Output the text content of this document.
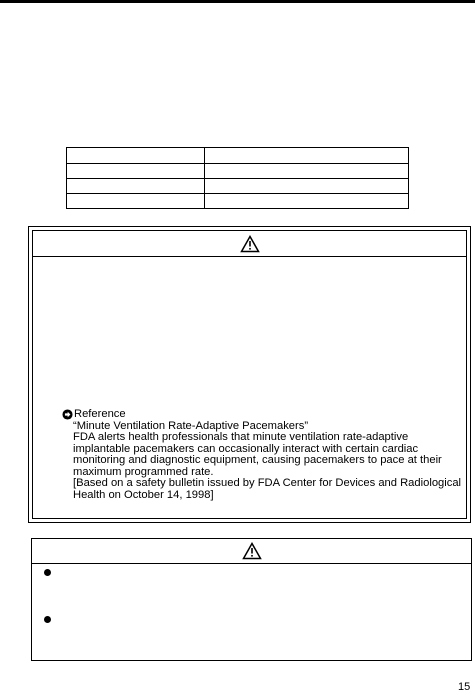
Reference
“Minute Ventilation Rate-Adaptive Pacemakers”
FDA alerts health professionals that minute ventilation rate-adaptive
implantable pacemakers can occasionally interact with certain cardiac
monitoring and diagnostic equipment, causing pacemakers to pace at their
maximum programmed rate.
[Based on a safety bulletin issued by FDA Center for Devices and Radiological
Health on October 14, 1998]
15
